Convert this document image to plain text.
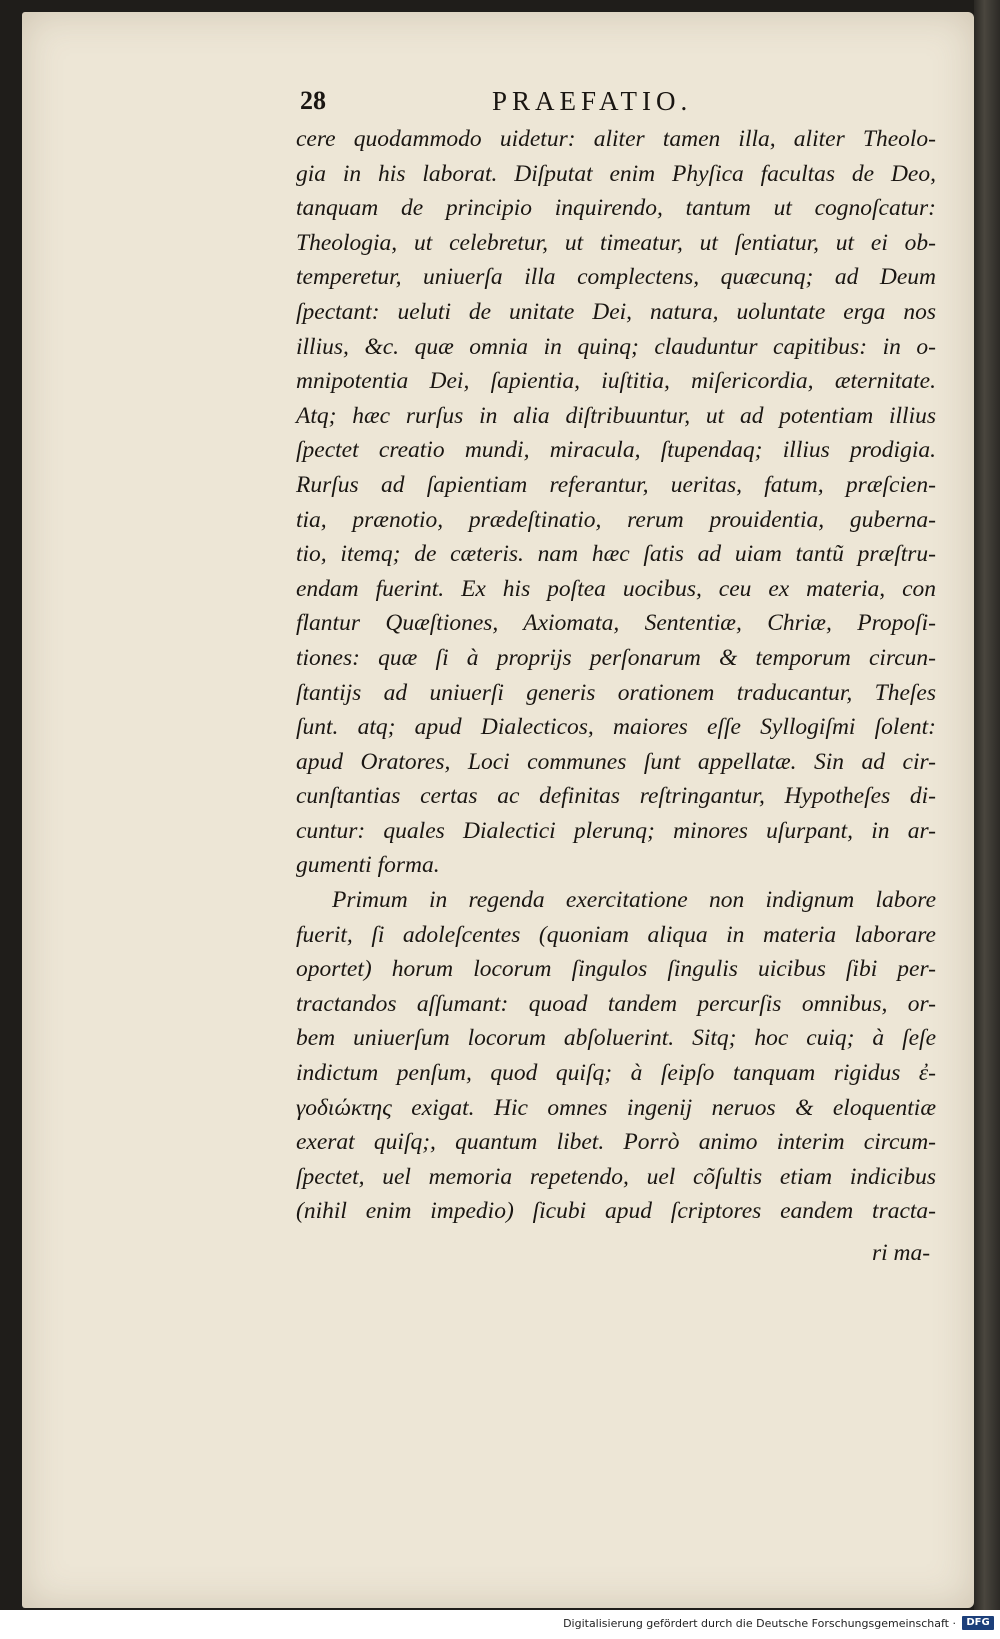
28	PRAEFATIO.
cere quodammodo uidetur: aliter tamen illa, aliter Theolo-
gia in his laborat. Diſputat enim Phyſica facultas de Deo,
tanquam de principio inquirendo, tantum ut cognoſcatur:
Theologia, ut celebretur, ut timeatur, ut ſentiatur, ut ei ob-
temperetur, uniuerſa illa complectens, quæcunq; ad Deum
ſpectant: ueluti de unitate Dei, natura, uoluntate erga nos
illius, &c. quæ omnia in quinq; clauduntur capitibus: in o-
mnipotentia Dei, ſapientia, iuſtitia, miſericordia, æternitate.
Atq; hæc rurſus in alia diſtribuuntur, ut ad potentiam illius
ſpectet creatio mundi, miracula, ſtupendaq; illius prodigia.
Rurſus ad ſapientiam referantur, ueritas, fatum, præſcien-
tia, prænotio, prædeſtinatio, rerum prouidentia, guberna-
tio, itemq; de cæteris. nam hæc ſatis ad uiam tantũ præſtru-
endam fuerint. Ex his poſtea uocibus, ceu ex materia, con
flantur Quæſtiones, Axiomata, Sententiæ, Chriæ, Propoſi-
tiones: quæ ſi à proprijs perſonarum & temporum circun-
ſtantijs ad uniuerſi generis orationem traducantur, Theſes
ſunt. atq; apud Dialecticos, maiores eſſe Syllogiſmi ſolent:
apud Oratores, Loci communes ſunt appellatæ. Sin ad cir-
cunſtantias certas ac definitas reſtringantur, Hypotheſes di-
cuntur: quales Dialectici plerunq; minores uſurpant, in ar-
gumenti forma.
Primum in regenda exercitatione non indignum labore
fuerit, ſi adoleſcentes (quoniam aliqua in materia laborare
oportet) horum locorum ſingulos ſingulis uicibus ſibi per-
tractandos aſſumant: quoad tandem percurſis omnibus, or-
bem uniuerſum locorum abſoluerint. Sitq; hoc cuiq; à ſeſe
indictum penſum, quod quiſq; à ſeipſo tanquam rigidus ἐ-
γοδιώκτης exigat. Hic omnes ingenij neruos & eloquentiæ
exerat quiſq;, quantum libet. Porrò animo interim circum-
ſpectet, uel memoria repetendo, uel cõſultis etiam indicibus
(nihil enim impedio) ſicubi apud ſcriptores eandem tracta-
ri ma-
Digitalisierung gefördert durch die Deutsche Forschungsgemeinschaft ·	DFG
